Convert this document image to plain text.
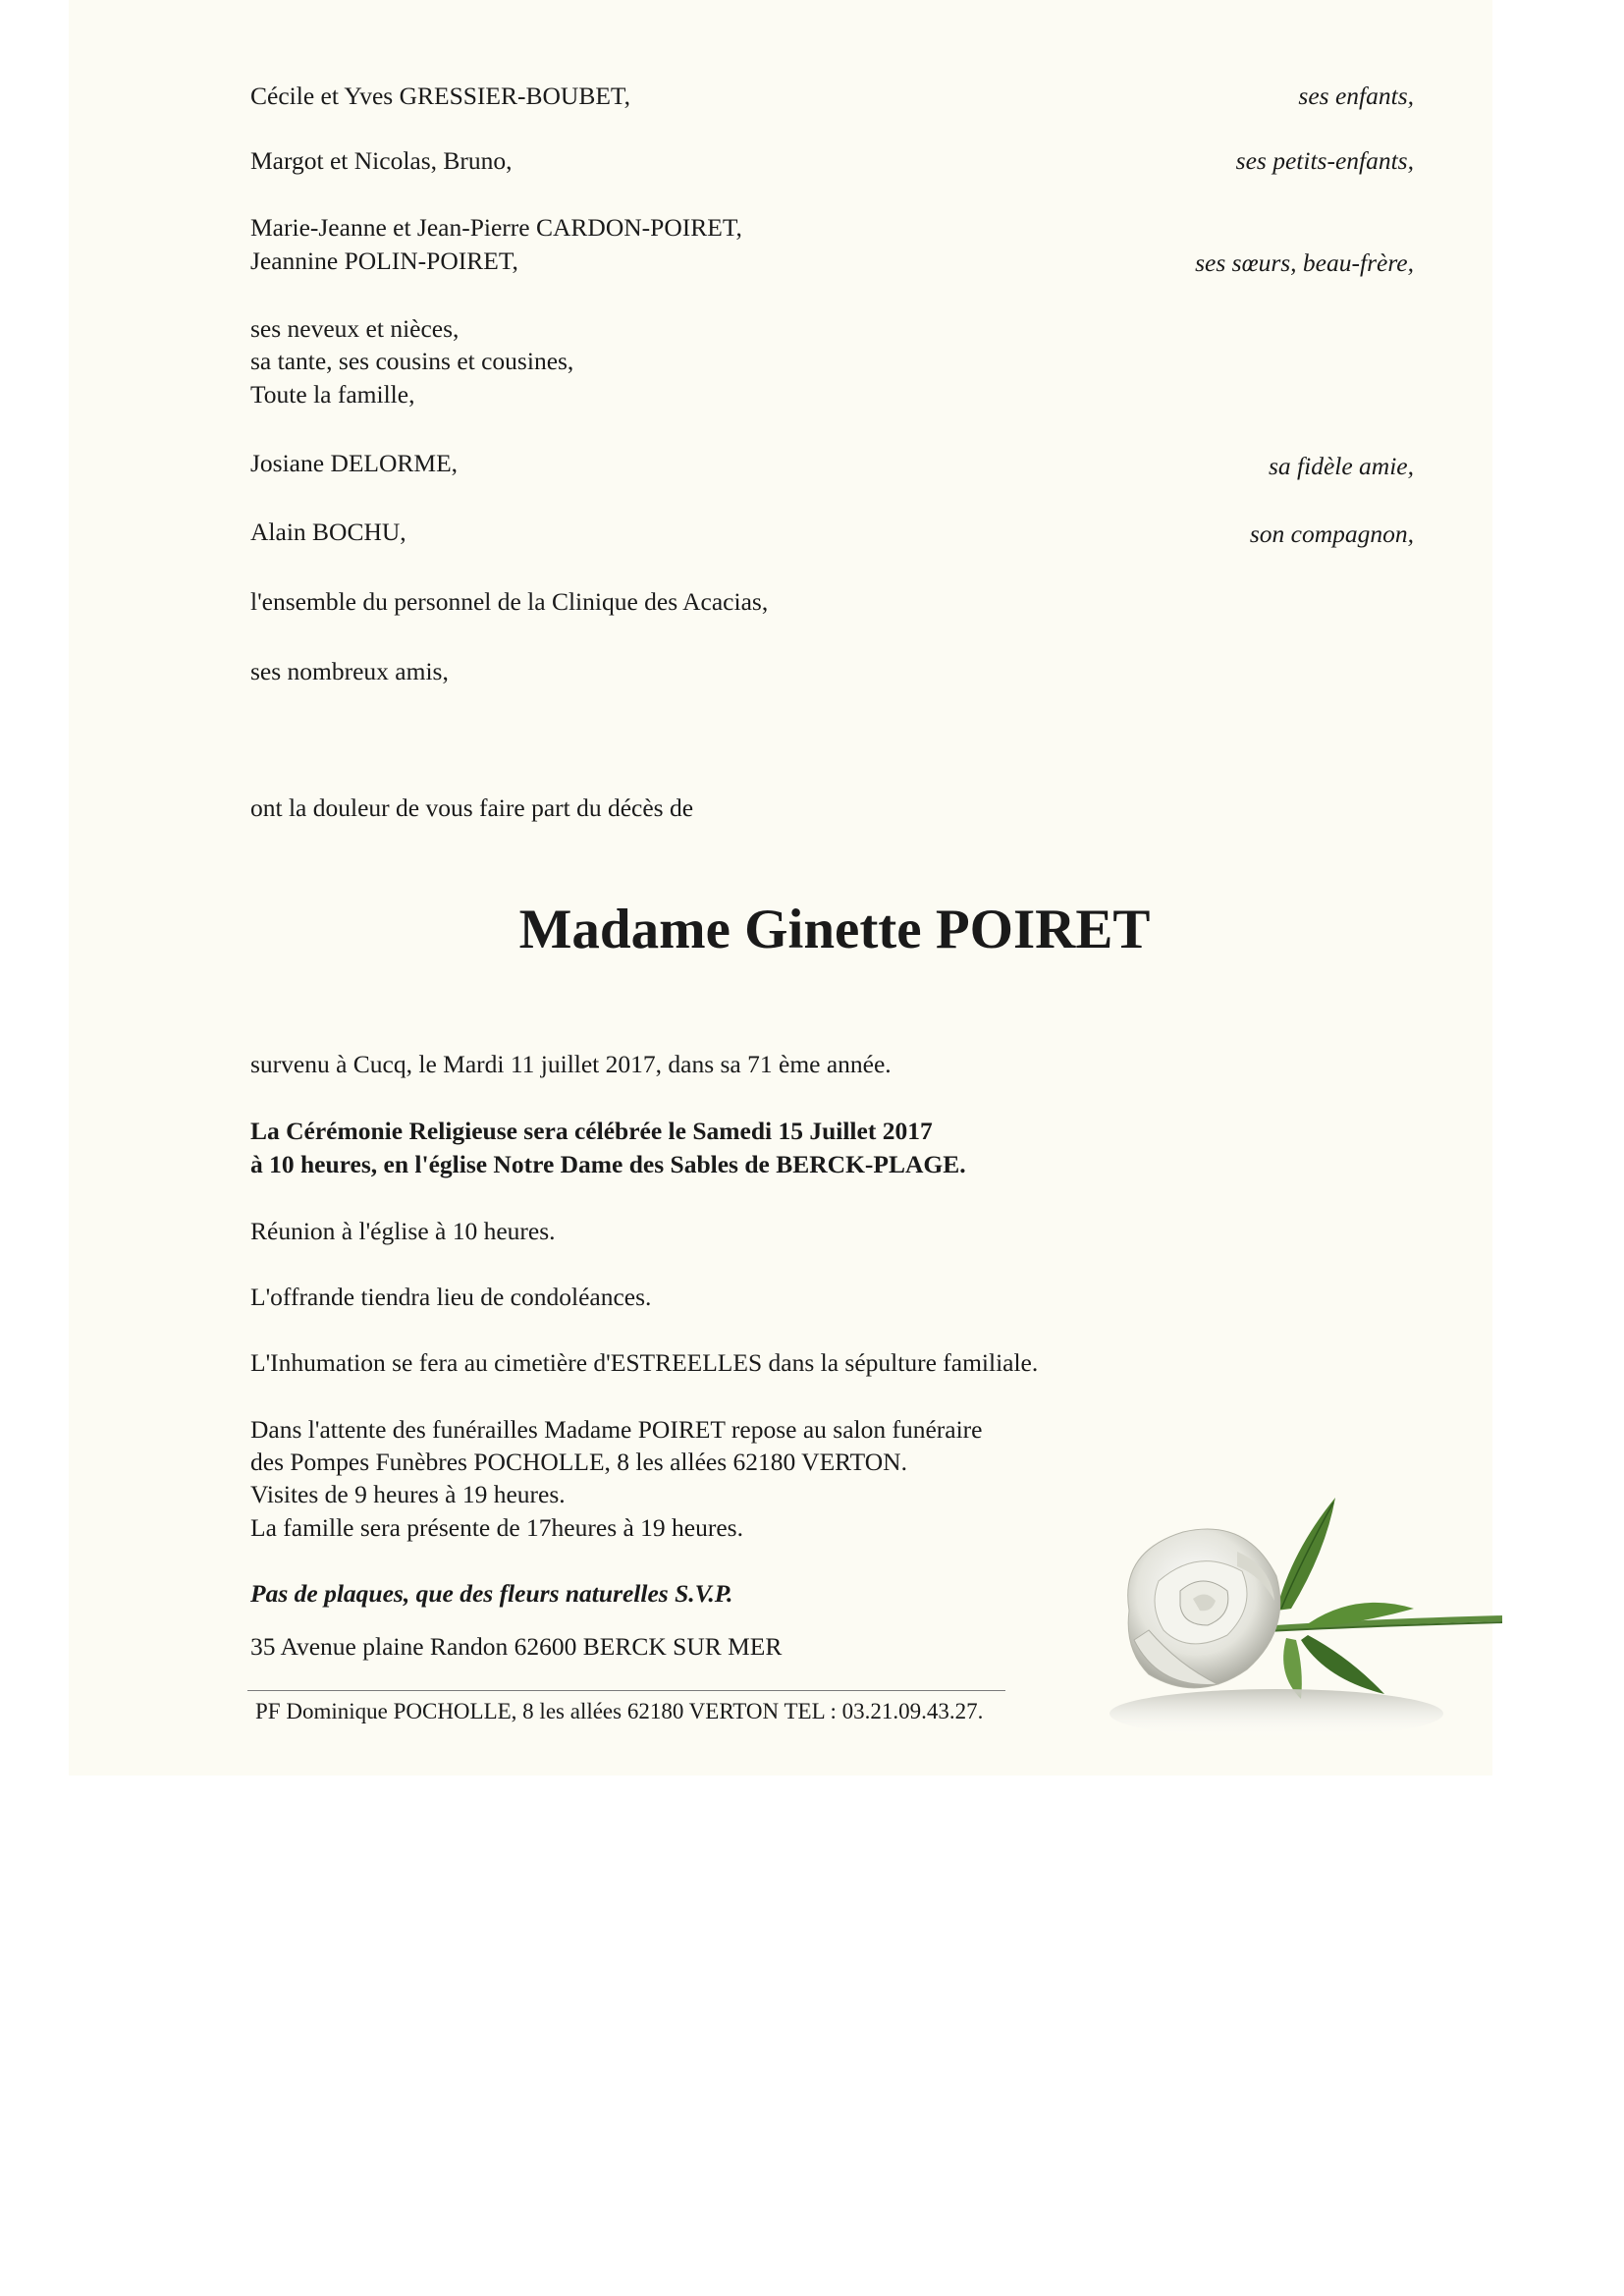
Cécile et Yves GRESSIER-BOUBET,	ses enfants,
Margot et Nicolas, Bruno,	ses petits-enfants,
Marie-Jeanne et Jean-Pierre CARDON-POIRET,
Jeannine POLIN-POIRET,	ses sœurs, beau-frère,
ses neveux et nièces,
sa tante, ses cousins et cousines,
Toute la famille,
Josiane DELORME,	sa fidèle amie,
Alain BOCHU,	son compagnon,
l'ensemble du personnel de la Clinique des Acacias,
ses nombreux amis,
ont la douleur de vous faire part du décès de
Madame Ginette POIRET
survenu à Cucq, le Mardi 11 juillet 2017, dans sa 71 ème année.
La Cérémonie Religieuse sera célébrée le Samedi 15 Juillet 2017
à 10 heures, en l'église Notre Dame des Sables de BERCK-PLAGE.
Réunion à l'église à 10 heures.
L'offrande tiendra lieu de condoléances.
L'Inhumation se fera au cimetière d'ESTREELLES dans la sépulture familiale.
Dans l'attente des funérailles Madame POIRET repose au salon funéraire
des Pompes Funèbres POCHOLLE, 8 les allées 62180 VERTON.
Visites de 9 heures à 19 heures.
La famille sera présente de 17heures à 19 heures.
Pas de plaques, que des fleurs naturelles S.V.P.
35 Avenue plaine Randon 62600 BERCK SUR MER
PF Dominique POCHOLLE, 8 les allées 62180 VERTON TEL : 03.21.09.43.27.
